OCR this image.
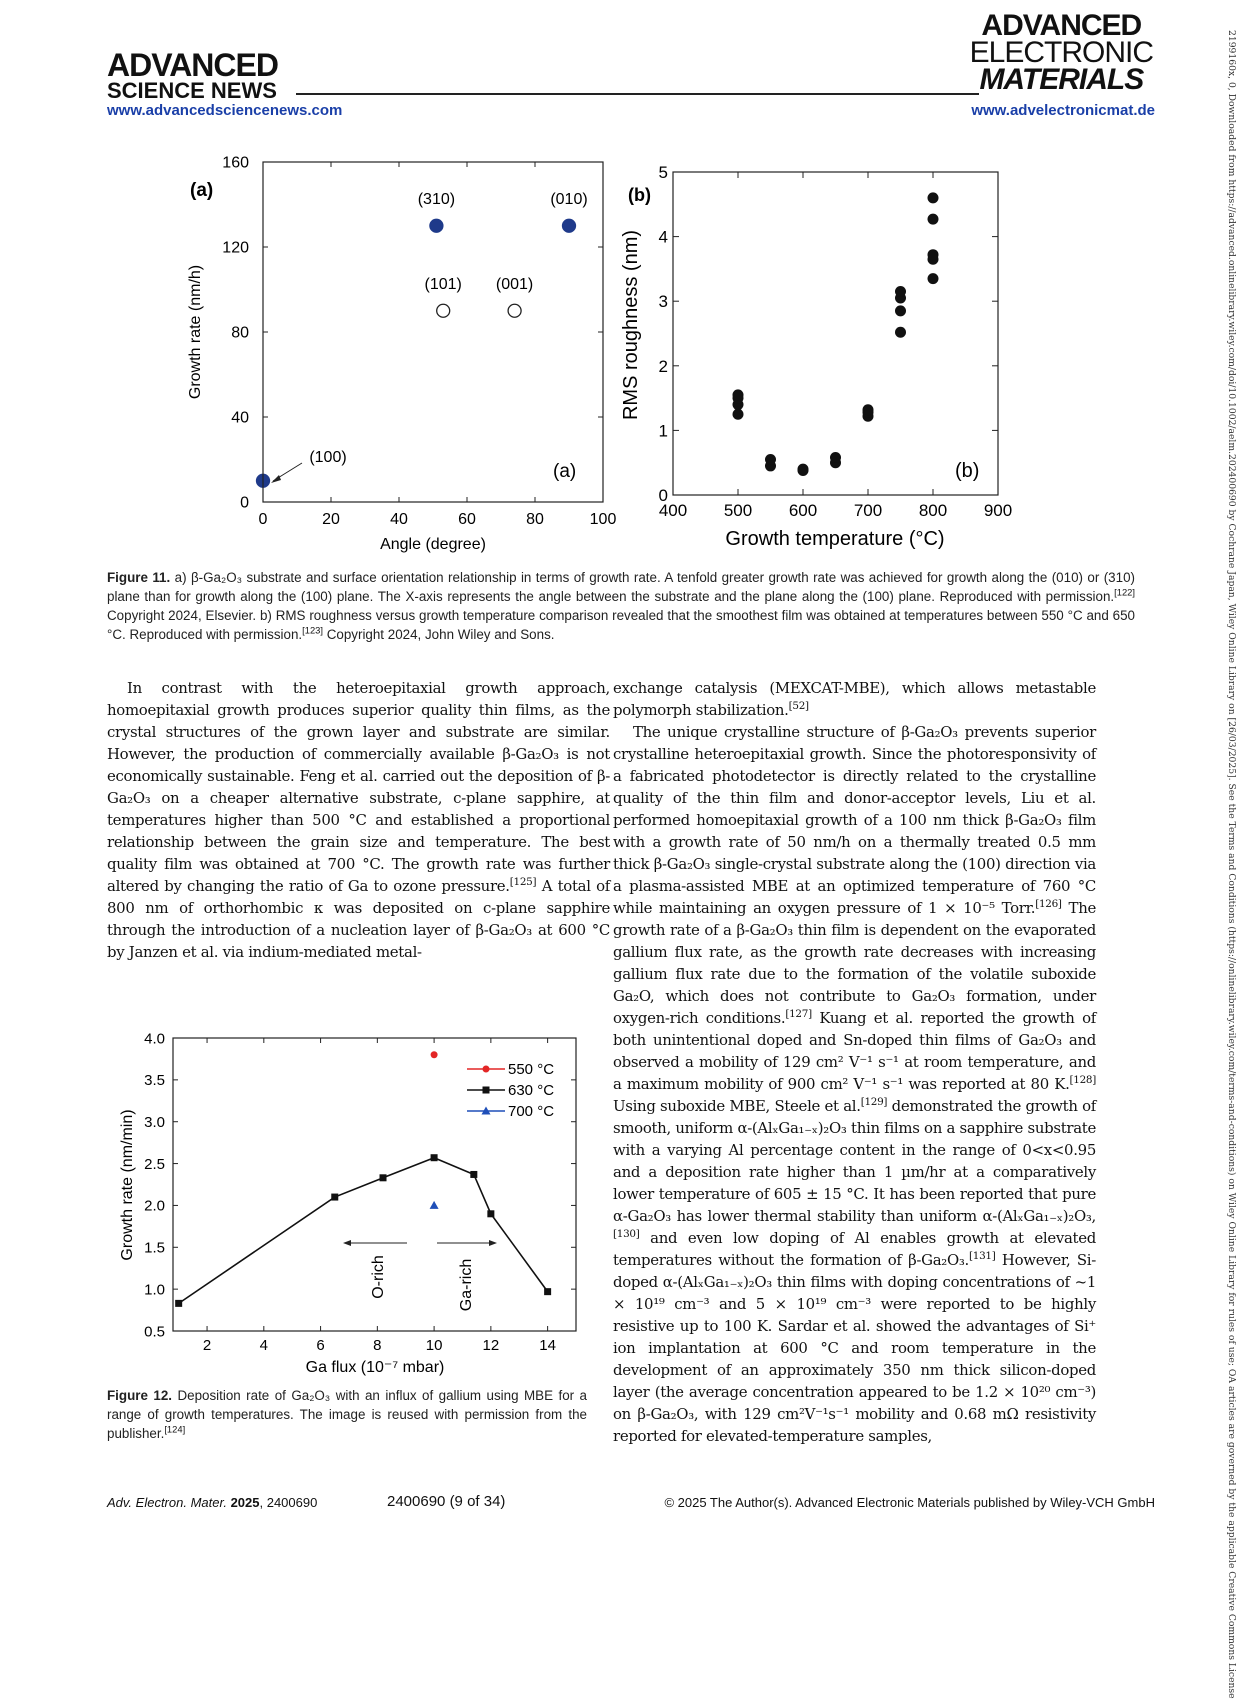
ADVANCED
SCIENCE NEWS
ADVANCED
ELECTRONIC
MATERIALS
www.advancedsciencenews.com	www.advelectronicmat.de	2199160x, 0, Downloaded from https://advanced.onlinelibrary.wiley.com/doi/10.1002/aelm.202400690 by Cochrane Japan, Wiley Online Library on [26/03/2025]. See the Terms and Conditions (https://onlinelibrary.wiley.com/terms-and-conditions) on Wiley Online Library for rules of use; OA articles are governed by the applicable Creative Commons License
0	20	40	60	80	100
0
40
80
120
160
(100)
(310)	(010)
(101) (001)
(a)
(a)
Angle (degree)
Growth rate (nm/h)
400 500 600 700 800 900
0
1
2
3
4
5
(b)
(b)
Growth temperature (°C)
RMS roughness (nm)
Figure 11. a) β-Ga₂O₃ substrate and surface orientation relationship in terms of growth rate. A tenfold greater growth rate was achieved for growth along the (010) or (310) plane than for growth along the (100) plane. The X-axis represents the angle between the substrate and the plane along the (100) plane. Reproduced with permission.[122] Copyright 2024, Elsevier. b) RMS roughness versus growth temperature comparison revealed that the smoothest film was obtained at temperatures between 550 °C and 650 °C. Reproduced with permission.[123] Copyright 2024, John Wiley and Sons.

In contrast with the heteroepitaxial growth approach, homoepitaxial growth produces superior quality thin films, as the crystal structures of the grown layer and substrate are similar. However, the production of commercially available β-Ga₂O₃ is not economically sustainable. Feng et al. carried out the deposition of β-Ga₂O₃ on a cheaper alternative substrate, c-plane sapphire, at temperatures higher than 500 °C and established a proportional relationship between the grain size and temperature. The best quality film was obtained at 700 °C. The growth rate was further altered by changing the ratio of Ga to ozone pressure.[125] A total of 800 nm of orthorhombic κ was deposited on c-plane sapphire through the introduction of a nucleation layer of β-Ga₂O₃ at 600 °C by Janzen et al. via indium-mediated metal-

2	4	6	8	10	12	14
0.5
1.0
1.5
2.0
2.5
3.0
3.5
4.0
Ga flux (10⁻⁷ mbar)
Growth rate (nm/min)
550 °C
630 °C
700 °C
O-rich	Ga-rich
Figure 12. Deposition rate of Ga₂O₃ with an influx of gallium using MBE for a range of growth temperatures. The image is reused with permission from the publisher.[124]

exchange catalysis (MEXCAT-MBE), which allows metastable polymorph stabilization.[52]

The unique crystalline structure of β-Ga₂O₃ prevents superior crystalline heteroepitaxial growth. Since the photoresponsivity of a fabricated photodetector is directly related to the crystalline quality of the thin film and donor-acceptor levels, Liu et al. performed homoepitaxial growth of a 100 nm thick β-Ga₂O₃ film with a growth rate of 50 nm/h on a thermally treated 0.5 mm thick β-Ga₂O₃ single-crystal substrate along the (100) direction via a plasma-assisted MBE at an optimized temperature of 760 °C while maintaining an oxygen pressure of 1 × 10⁻⁵ Torr.[126] The growth rate of a β-Ga₂O₃ thin film is dependent on the evaporated gallium flux rate, as the growth rate decreases with increasing gallium flux rate due to the formation of the volatile suboxide Ga₂O, which does not contribute to Ga₂O₃ formation, under oxygen-rich conditions.[127] Kuang et al. reported the growth of both unintentional doped and Sn-doped thin films of Ga₂O₃ and observed a mobility of 129 cm² V⁻¹ s⁻¹ at room temperature, and a maximum mobility of 900 cm² V⁻¹ s⁻¹ was reported at 80 K.[128] Using suboxide MBE, Steele et al.[129] demonstrated the growth of smooth, uniform α-(AlₓGa₁₋ₓ)₂O₃ thin films on a sapphire substrate with a varying Al percentage content in the range of 0<x<0.95 and a deposition rate higher than 1 µm/hr at a comparatively lower temperature of 605 ± 15 °C. It has been reported that pure α-Ga₂O₃ has lower thermal stability than uniform α-(AlₓGa₁₋ₓ)₂O₃,[130] and even low doping of Al enables growth at elevated temperatures without the formation of β-Ga₂O₃.[131] However, Si-doped α-(AlₓGa₁₋ₓ)₂O₃ thin films with doping concentrations of ~1 × 10¹⁹ cm⁻³ and 5 × 10¹⁹ cm⁻³ were reported to be highly resistive up to 100 K. Sardar et al. showed the advantages of Si⁺ ion implantation at 600 °C and room temperature in the development of an approximately 350 nm thick silicon-doped layer (the average concentration appeared to be 1.2 × 10²⁰ cm⁻³) on β-Ga₂O₃, with 129 cm²V⁻¹s⁻¹ mobility and 0.68 mΩ resistivity reported for elevated-temperature samples,

Adv. Electron. Mater. 2025, 2400690	2400690 (9 of 34)	© 2025 The Author(s). Advanced Electronic Materials published by Wiley-VCH GmbH
